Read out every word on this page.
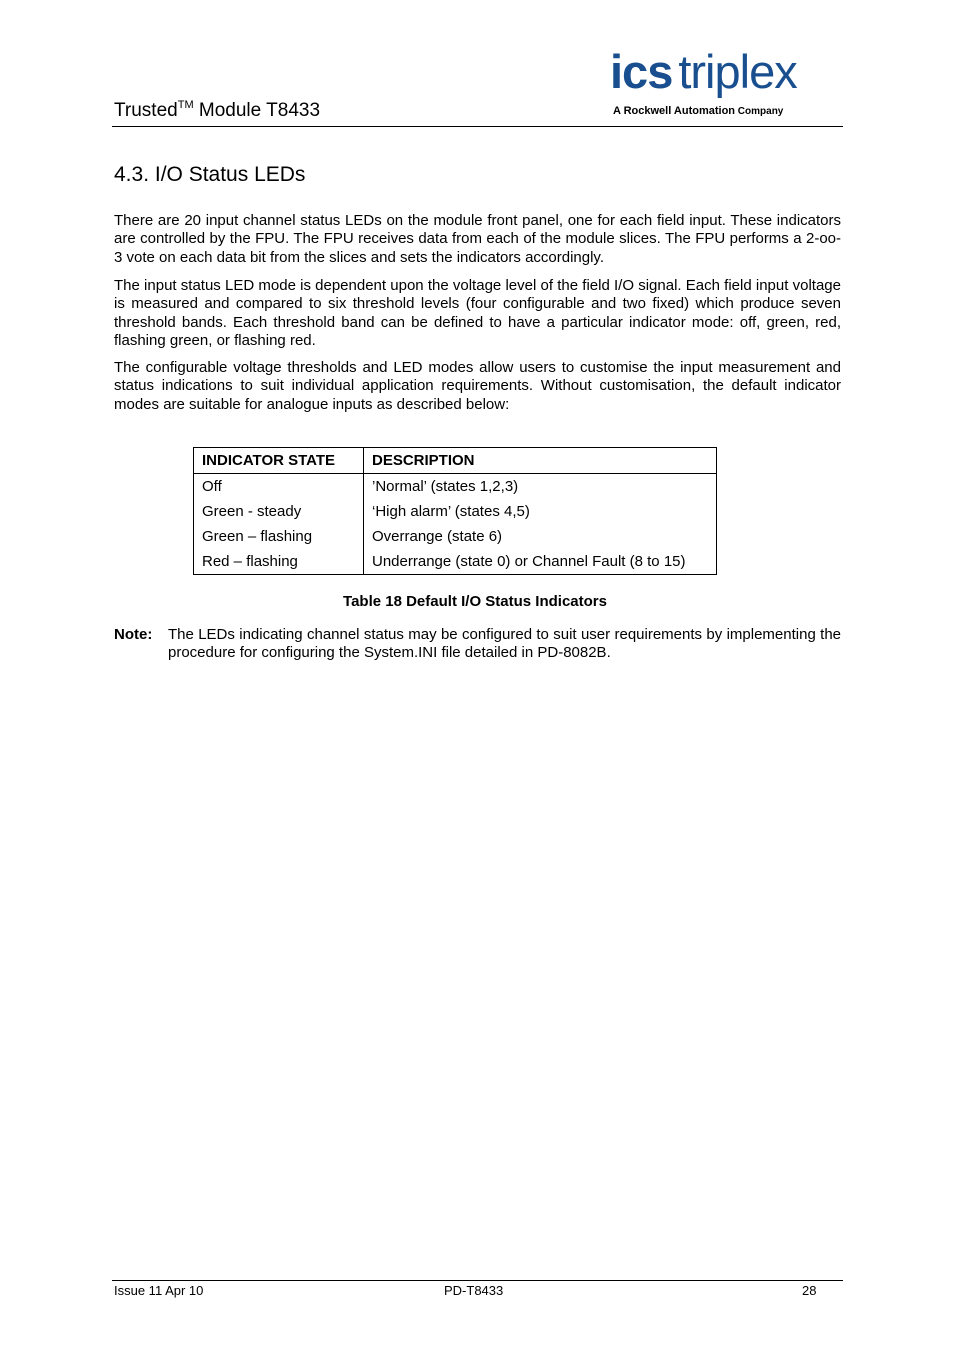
Trusted™ Module T8433
ics triplex
A Rockwell Automation Company
4.3. I/O Status LEDs

There are 20 input channel status LEDs on the module front panel, one for each field input. These indicators are controlled by the FPU. The FPU receives data from each of the module slices. The FPU performs a 2-oo-3 vote on each data bit from the slices and sets the indicators accordingly.

The input status LED mode is dependent upon the voltage level of the field I/O signal. Each field input voltage is measured and compared to six threshold levels (four configurable and two fixed) which produce seven threshold bands. Each threshold band can be defined to have a particular indicator mode: off, green, red, flashing green, or flashing red.

The configurable voltage thresholds and LED modes allow users to customise the input measurement and status indications to suit individual application requirements. Without customisation, the default indicator modes are suitable for analogue inputs as described below:

INDICATOR STATE	DESCRIPTION
Off	’Normal’ (states 1,2,3)
Green - steady	‘High alarm’ (states 4,5)
Green – flashing	Overrange (state 6)
Red – flashing	Underrange (state 0) or Channel Fault (8 to 15)
Table 18 Default I/O Status Indicators
Note: The LEDs indicating channel status may be configured to suit user requirements by implementing the procedure for configuring the System.INI file detailed in PD-8082B.

Issue 11 Apr 10	PD-T8433	28
